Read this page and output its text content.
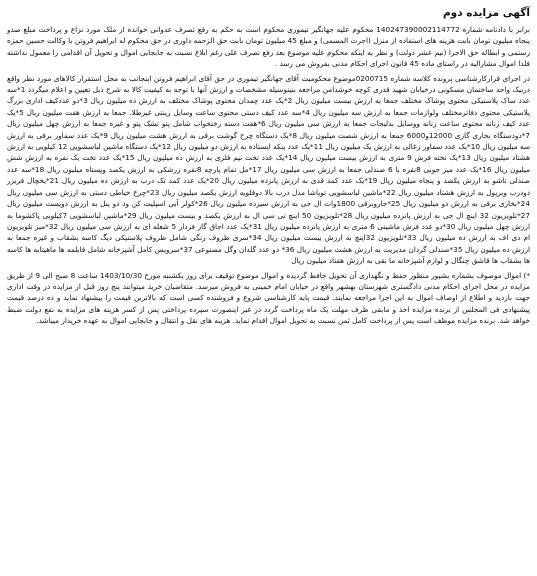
آگهی مزایده دوم

برابر با دادنامه شماره 140247390002114772 محکوم علیه جهانگیر تیموری محکوم است به حکم به رفع تصرف عدوانی خوانده از ملک مورد نزاع و پرداخت مبلغ صدو پنجاه میلیون تومان بابت هزینه های استفاده از منزل (اجرت المسمی) و مبلغ 45 میلیون تومان بابت حق الزحمه داوری در حق محکوم له ابراهیم فروتن با وکالت حسین حمزه رستمی و ابطاله حق الاجرا (نیم عشر دولت) و نظر به اینکه محکوم علیه موضوع بعد رفع تصرف علی رغم ابلاغ نسبت به جابجایی اموال و تحویل آن اقدامی را معمول نداشته فلذا اموال مشارالیه در راستای ماده 45 قانون اجرای احکام مدنی بفروش می رسد .

در اجرای قرارکارشناسی پرونده کلاسه شماره 0200715موضوع محکومیت آقای جهانگیر تیموری در حق آقای ابراهیم فروتن اینجانب به محل استقرار کالاهای مورد نظر واقع دربیک واحد ساختمان مسکونی درخیابان شهید قدری کوچه خوشدامن مراجعه بنینوسیله مشخصات و ارزش آنها با توجه به کیفیت کالا به شرح ذیل تعیین و اعلام میگردد 1*سه عدد ساک پلاستیکی محتوی پوشاک مختلف جمعا به ارزش بیست میلیون ریال 2*یک عدد چمدان محتوی پوشاک مختلف به ارزش ده میلیون ریال 3*دو عددکیف اداری بزرگ پلاستیکی محتوی دفاترمختلف ولوازمات جمعا به ارزش سه میلیون ریال 4*سه عدد کیف دستی محتوی ساعت وسایل زینتی غیرطلا. جمعا به ارزش هفت میلیون ریال 5*یک عدد کیف زنانه محتوی ساعت زنانه ووسایل بدلیجات جمعا به ارزش سی میلیون ریال 6*هفت دسته رختخواب شامل پتو تشک پتو و غیره جمعا به ارزش چهل میلیون ریال 7*دودستگاه بخاری گازی 12000و6000 جمعا به ارزش شصت میلیون ریال 8*یک دستگاه چرخ گوشت برقی به ارزش هشت میلیون ریال 9*یک عدد سماور برقی به ارزش سه میلیون ریال 10*یک عدد سماور زغالی به ارزش یک میلیون ریال 11*یک عدد پنکه ایستاده به ارزش دو میلیون ریال 12*یک دستگاه ماشین لباسشویی 12 کیلویی به ارزش هشتاد میلیون ریال 13*یک تخته فرش 9 متری به ارزش بیست میلیون ریال 14*یک عدد تخت نیم فلزی به ارزش ده میلیون ریال 15*یک عدد تخت یک نفره به ارزش شش میلیون ریال 16*یک عدد میز جوبی 8نفره با 6 صندلی جمعا به ارزش سی میلیون ریال 17*مل تمام پارچه 8نفره زرشکی به ارزش یکصد ویستاه میلیون ریال 18*سه عدد صندلی تاشو به ارزش یکصد و پنجاه میلیون ریال 19*یک عدد کمد قدی به ارزش پانزده میلیون ریال 20*یک عدد کمد تک درب به ارزش ده میلیون ریال 21*یخچال فریزر دودرب وبرپول به ارزش هشتاد میلیون ریال 22*ماشین لباسشویی تویاشا مدل درب بالا دوقلویه ارزش یکصد میلیون ریال 23*چرخ خیاطی دستی به ارزش سی میلیون ریال 24*بخاری برقی به ارزش دو میلیون ریال 25*جاروبرقی 1800وات ال جی به ارزش سیزده میلیون ریال 26*کولر آبی اسپلیت کن ود دو پنل به ارزش دویست میلیون ریال 27*تلویزیون 32 اینچ ال جی به ارزش پانزده میلیون ریال 28*تلویزیون 50 اینچ تی سی ال به ارزش یکصد و بیست میلیون ریال 29*ماشین لباسشویی 7کیلویی پاکشوما به ارزش چهل میلیون ریال 30*دو عدد فرش ماشینی 6 متری به ارزش پانزده میلیون ریال 31*یک عدد اجاق گاز فردار 5 شعله ای به ارزش سی میلیون ریال 32*میز تلویزیون ام دی اف به ارزش ده میلیون ریال 33*تلویزیون 32اینچ به ارزش بیست میلیون ریال 34*سری ظروف رنگی شامل ظروف پلاستیکی دیگ کاسه بشقاب و غیره جمعا به ارزش ده میلیون ریال 35*صندلی گردان مدیریت به ارزش هشت میلیون ریال 36* دو عدد گلدان وگل مصنوعی 37*سرویس کامل آشپزخانه شامل قابلمه ها ماهیتابه ها کاسه ها بشقاب ها قاشق چنگال و لوازم آشپزخانه ما بقی به ارزش هفتاد میلیون ریال

*) اموال موصوف بشماره بشپور منظور حفظ و نگهداری آن تحویل حافظ گردیده و اموال موضوع توقیف برای روز یکشنبه مورخ 1403/10/30 ساعت 8 صبح الی 9 از طریق مزایده در محل اجرای احکام مدنی دادگستری شهرستان بهشهر واقع در خیابان امام خمینی به فروش میرسد. متقاضیان خرید میتوانند پنج روز قبل از مزایده در وقت اداری جهت بازدید و اطلاع از اوصاف اموال به این اجرا مراجعه نمایند. قیمت پایه کارشناسی شروع و فروشنده کسی است که بالاترین قیمت را پیشنهاد نماید و ده درصد قیمت پیشنهادی فی المجلس از برنده مزایده اخذ و مابقی ظرف مهلت یک ماه پرداخت گردد در غیر اینصورت سپرده پرداختی پس از کسر هزینه های مزایده به نفع دولت ضبط خواهد شد. برنده مزایده موظف است پس از پرداخت کامل ثمن نسبت به تحویل اموال اقدام نماید. هزینه های نقل و انتقال و جابجایی اموال به عهده خریدار میباشد.
